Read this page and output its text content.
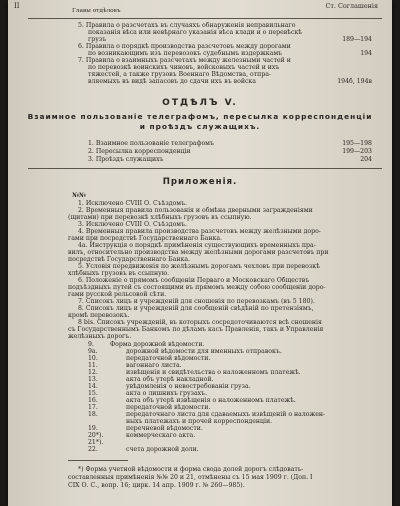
II
Главы отдѣловъ
Ст. Соглашенія
5. Правила о разсчетахъ въ случаяхъ обнаруженія неправильнаго
показанія вѣса или невѣрнаго указанія вѣса клади и о перевѣскѣ
грузъ	189—194
6. Правила о порядкѣ производства разсчетовъ между дорогами
по возникающимъ изъ перевозокъ судебнымъ издержкамъ	194
7. Правила о взаимныхъ разсчетахъ между железными частей и
по перевозкѣ воинскихъ чиновъ, войсковыхъ частей и ихъ
тяжестей, а также грузовъ Военнаго Вѣдомства, отпра-
вляемыхъ въ видѣ запасовъ до сдачи ихъ въ войска	194б, 194в
ОТДѢЛЪ V.
Взаимное пользованіе телеграфомъ, пересылка корреспонденціи
и проѣздъ служащихъ.
1. Взаимное пользованіе телеграфомъ	195—198
2. Пересылка корреспонденціи	199—203
3. Проѣздъ служащихъ	204
Приложенія.
№№
1. Исключено СVIII О. Съѣздомъ.
2. Временныя правила пользованія и обмѣна дверными загражденіями
(щитами) при перевозкѣ хлѣбныхъ грузовъ въ ссыпную.
3. Исключено СVIII О. Съѣздомъ.
4. Временныя правила производства разсчетовъ между желѣзными доро-
гами при посредствѣ Государственнаго Банка.
4а. Инструкція о порядкѣ примѣненія существующихъ временныхъ пра-
вилъ, относительно производства между желѣзными дорогами разсчетовъ при
посредствѣ Государственнаго Банка.
5. Условія передвиженія по желѣзнымъ дорогамъ чехловъ при перевозкѣ
хлѣбныхъ грузовъ въ ссыпную.
6. Положеніе о прямомъ сообщеніи Перваго и Московскаго Обществъ
подъѣздныхъ путей съ состоящими въ прямомъ между собою сообщеніи доро-
гами русской рельсовой сѣти.
7. Списокъ лицъ и учрежденій для сношенія по перевозкамъ (въ 5 180).
8. Списокъ лицъ и учрежденій для сообщеній свѣдѣній по претензіямъ,
кромѣ перевозокъ.
8 bis. Списокъ учрежденій, въ которыхъ сосредоточиваются всѣ сношенія
съ Государственнымъ Банкомъ по дѣламъ касъ Правленія, такъ и Управленія
желѣзныхъ дорогъ.
9.	Форма дорожной вѣдомости.
9а.	дорожной вѣдомости для именныхъ отправокъ.
10.	передаточной вѣдомости.
11.	вагоннаго листа.
12.	извѣщенія и свидѣтельства о наложенномъ платежѣ.
13.	акта объ утерѣ накладной.
14.	увѣдомленія о невостребованіи груза.
15.	акта о лишнихъ грузахъ.
16.	акта объ утерѣ извѣщенія о наложенномъ платежѣ.
17.	передаточной вѣдомости.
18.	передаточнаго листа для сдаваемыхъ извѣщеній о наложен-
ныхъ платежахъ и прочей корреспонденціи.
19.	перечневой вѣдомости.
20*).	коммерческаго акта.
21*).
22.	счета дорожной доли.
*) Форма учетной вѣдомости и форма свода долей дорогъ слѣдовать-
составленныя примѣненія №№ 20 и 21, отмѣнены съ 15 мая 1909 г. (Доп. I
CIX О. С., вопр. 16; цирк. 14 апр. 1909 г. № 260—985).
